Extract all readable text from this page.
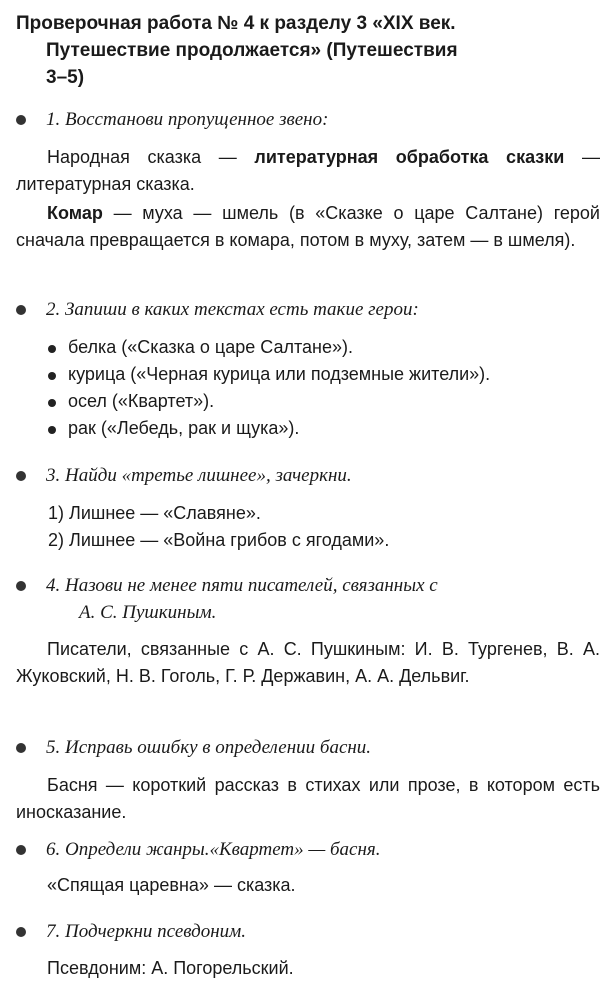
Проверочная работа № 4 к разделу 3 «XIX век.
Путешествие продолжается» (Путешествия
3–5)
1. Восстанови пропущенное звено:

Народная сказка — литературная обработка сказки — литературная сказка.

Комар — муха — шмель (в «Сказке о царе Салтане) герой сначала превращается в комара, потом в муху, затем — в шмеля).

2. Запиши в каких текстах есть такие герои:
белка («Сказка о царе Салтане»).
курица («Черная курица или подземные жители»).
осел («Квартет»).
рак («Лебедь, рак и щука»).
3. Найди «третье лишнее», зачеркни.
1) Лишнее — «Славяне».
2) Лишнее — «Война грибов с ягодами».
4. Назови не менее пяти писателей, связанных с
А. С. Пушкиным.

Писатели, связанные с А. С. Пушкиным: И. В. Тургенев, В. А. Жуковский, Н. В. Гоголь, Г. Р. Державин, А. А. Дельвиг.

5. Исправь ошибку в определении басни.

Басня — короткий рассказ в стихах или прозе, в котором есть иносказание.

6. Определи жанры.«Квартет» — басня.

«Спящая царевна» — сказка.

7. Подчеркни псевдоним.

Псевдоним: А. Погорельский.
